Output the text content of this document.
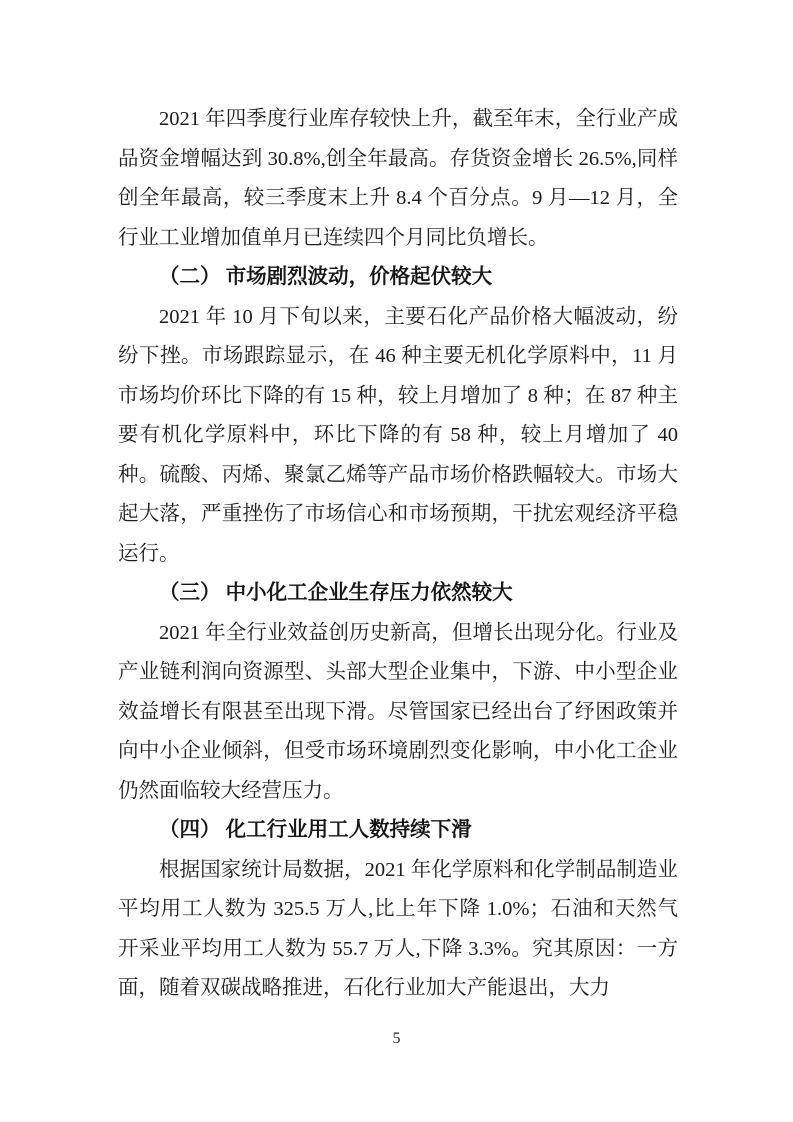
2021 年四季度行业库存较快上升，截至年末，全行业产成品资金增幅达到 30.8%,创全年最高。存货资金增长 26.5%,同样创全年最高，较三季度末上升 8.4 个百分点。9 月—12 月，全行业工业增加值单月已连续四个月同比负增长。

（二） 市场剧烈波动，价格起伏较大

2021 年 10 月下旬以来，主要石化产品价格大幅波动，纷纷下挫。市场跟踪显示，在 46 种主要无机化学原料中，11 月市场均价环比下降的有 15 种，较上月增加了 8 种；在 87 种主要有机化学原料中，环比下降的有 58 种，较上月增加了 40 种。硫酸、丙烯、聚氯乙烯等产品市场价格跌幅较大。市场大起大落，严重挫伤了市场信心和市场预期，干扰宏观经济平稳运行。

（三） 中小化工企业生存压力依然较大

2021 年全行业效益创历史新高，但增长出现分化。行业及产业链利润向资源型、头部大型企业集中，下游、中小型企业效益增长有限甚至出现下滑。尽管国家已经出台了纾困政策并向中小企业倾斜，但受市场环境剧烈变化影响，中小化工企业仍然面临较大经营压力。

（四） 化工行业用工人数持续下滑

根据国家统计局数据，2021 年化学原料和化学制品制造业平均用工人数为 325.5 万人,比上年下降 1.0%；石油和天然气开采业平均用工人数为 55.7 万人,下降 3.3%。究其原因：一方面，随着双碳战略推进，石化行业加大产能退出，大力

5
